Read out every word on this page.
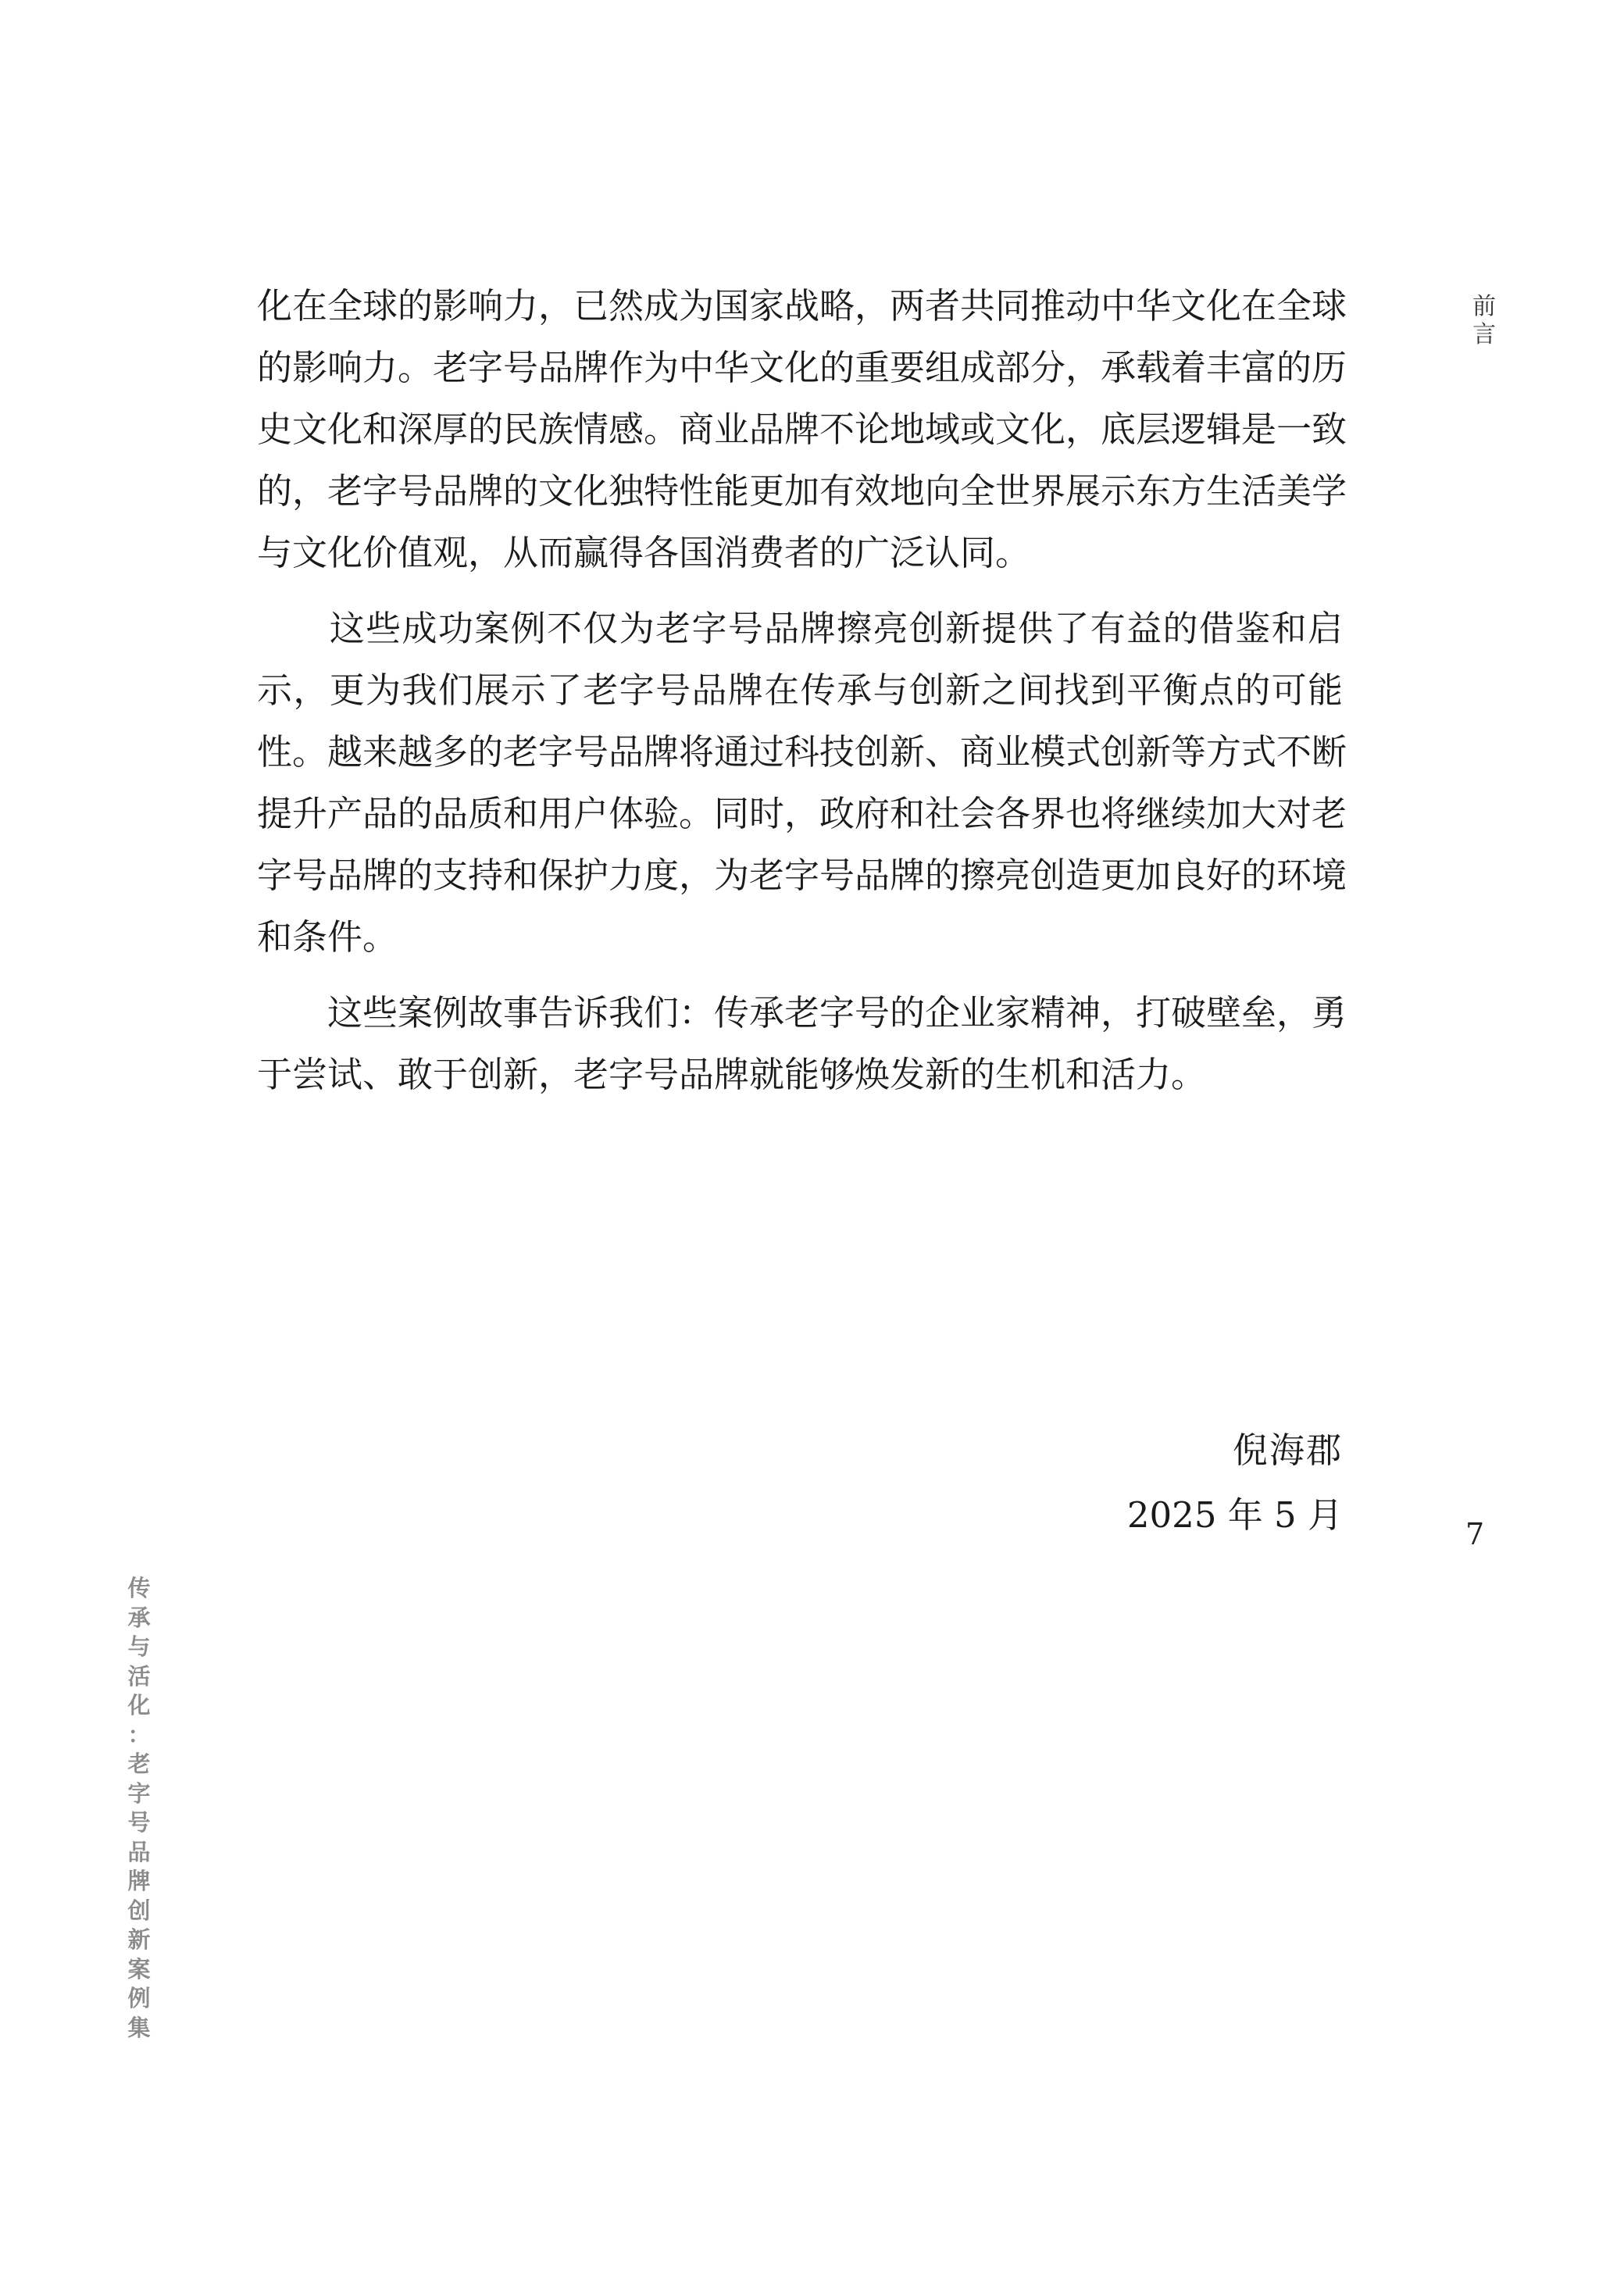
前
言
化在全球的影响力，已然成为国家战略，两者共同推动中华文化在全球
的影响力。老字号品牌作为中华文化的重要组成部分，承载着丰富的历
史文化和深厚的民族情感。商业品牌不论地域或文化，底层逻辑是一致
的，老字号品牌的文化独特性能更加有效地向全世界展示东方生活美学
与文化价值观，从而赢得各国消费者的广泛认同。
　　这些成功案例不仅为老字号品牌擦亮创新提供了有益的借鉴和启
示，更为我们展示了老字号品牌在传承与创新之间找到平衡点的可能
性。越来越多的老字号品牌将通过科技创新、商业模式创新等方式不断
提升产品的品质和用户体验。同时，政府和社会各界也将继续加大对老
字号品牌的支持和保护力度，为老字号品牌的擦亮创造更加良好的环境
和条件。
　　这些案例故事告诉我们：传承老字号的企业家精神，打破壁垒，勇
于尝试、敢于创新，老字号品牌就能够焕发新的生机和活力。
倪海郡
2025 年 5 月
传
承
与
活
化
：
老
字
号
品
牌
创
新
案
例
集
7
